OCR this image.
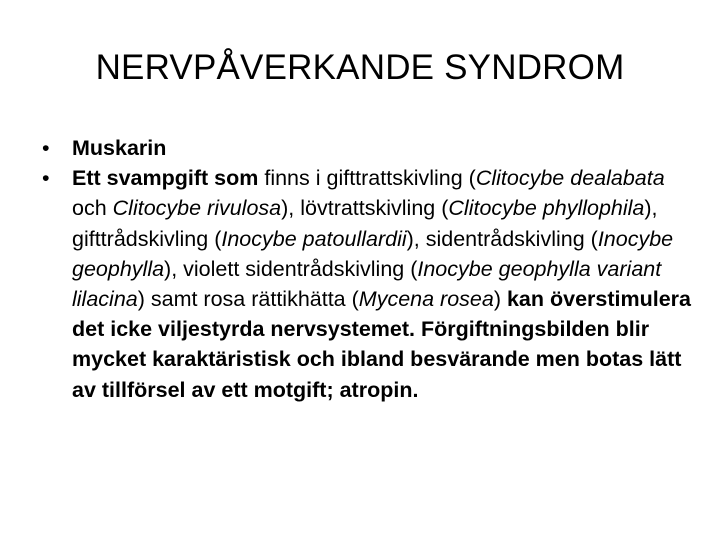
NERVPÅVERKANDE SYNDROM
•	Muskarin
•	Ett svampgift som finns i gifttrattskivling (Clitocybe dealabata och Clitocybe rivulosa), lövtrattskivling (Clitocybe phyllophila), gifttrådskivling (Inocybe patoullardii), sidentrådskivling (Inocybe geophylla), violett sidentrådskivling (Inocybe geophylla variant lilacina) samt rosa rättikhätta (Mycena rosea) kan överstimulera det icke viljestyrda nervsystemet. Förgiftningsbilden blir mycket karaktäristisk och ibland besvärande men botas lätt av tillförsel av ett motgift; atropin.
